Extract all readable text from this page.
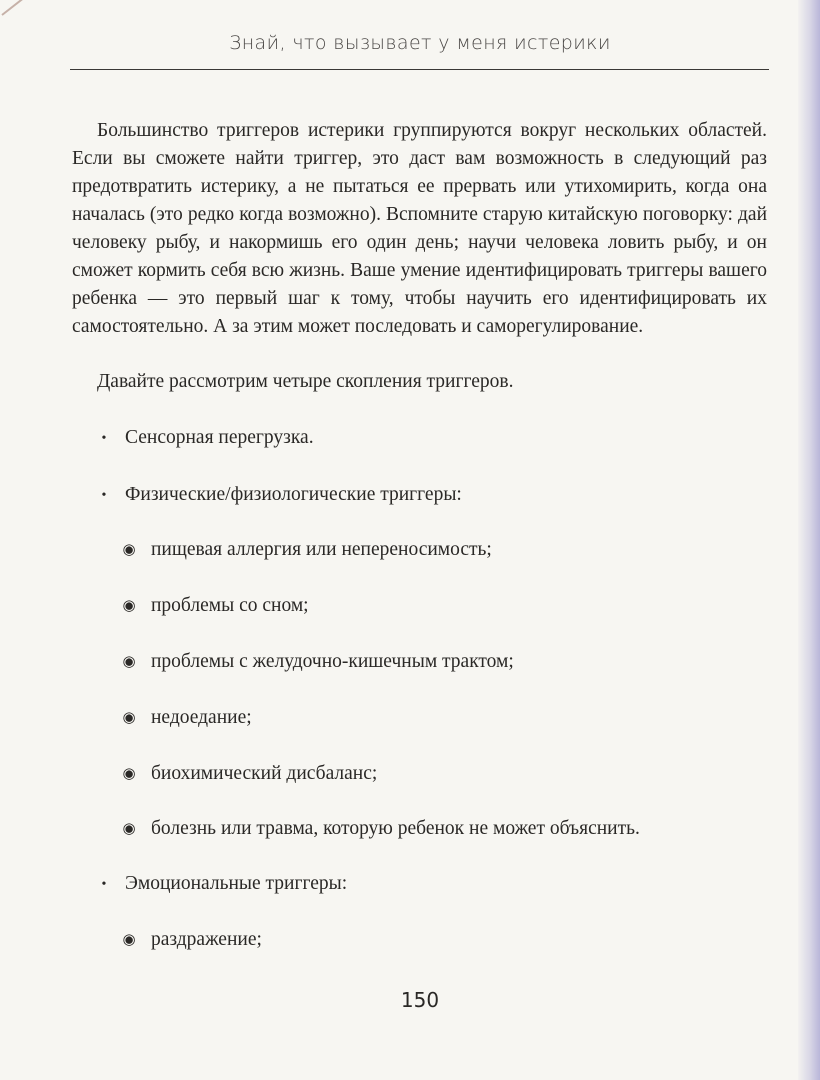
Знай, что вызывает у меня истерики

Большинство триггеров истерики группируются вокруг нескольких областей. Если вы сможете найти триггер, это даст вам возможность в следующий раз предотвратить истерику, а не пытаться ее прервать или утихомирить, когда она началась (это редко когда возможно). Вспомните старую китайскую поговорку: дай человеку рыбу, и накормишь его один день; научи человека ловить рыбу, и он сможет кормить себя всю жизнь. Ваше умение идентифицировать триггеры вашего ребенка — это первый шаг к тому, чтобы научить его идентифицировать их самостоятельно. А за этим может последовать и саморегулирование.

Давайте рассмотрим четыре скопления триггеров.

• Сенсорная перегрузка.
• Физические/физиологические триггеры:
◉ пищевая аллергия или непереносимость;
◉ проблемы со сном;
◉ проблемы с желудочно-кишечным трактом;
◉ недоедание;
◉ биохимический дисбаланс;
◉ болезнь или травма, которую ребенок не может объяснить.
• Эмоциональные триггеры:
◉ раздражение;
150
